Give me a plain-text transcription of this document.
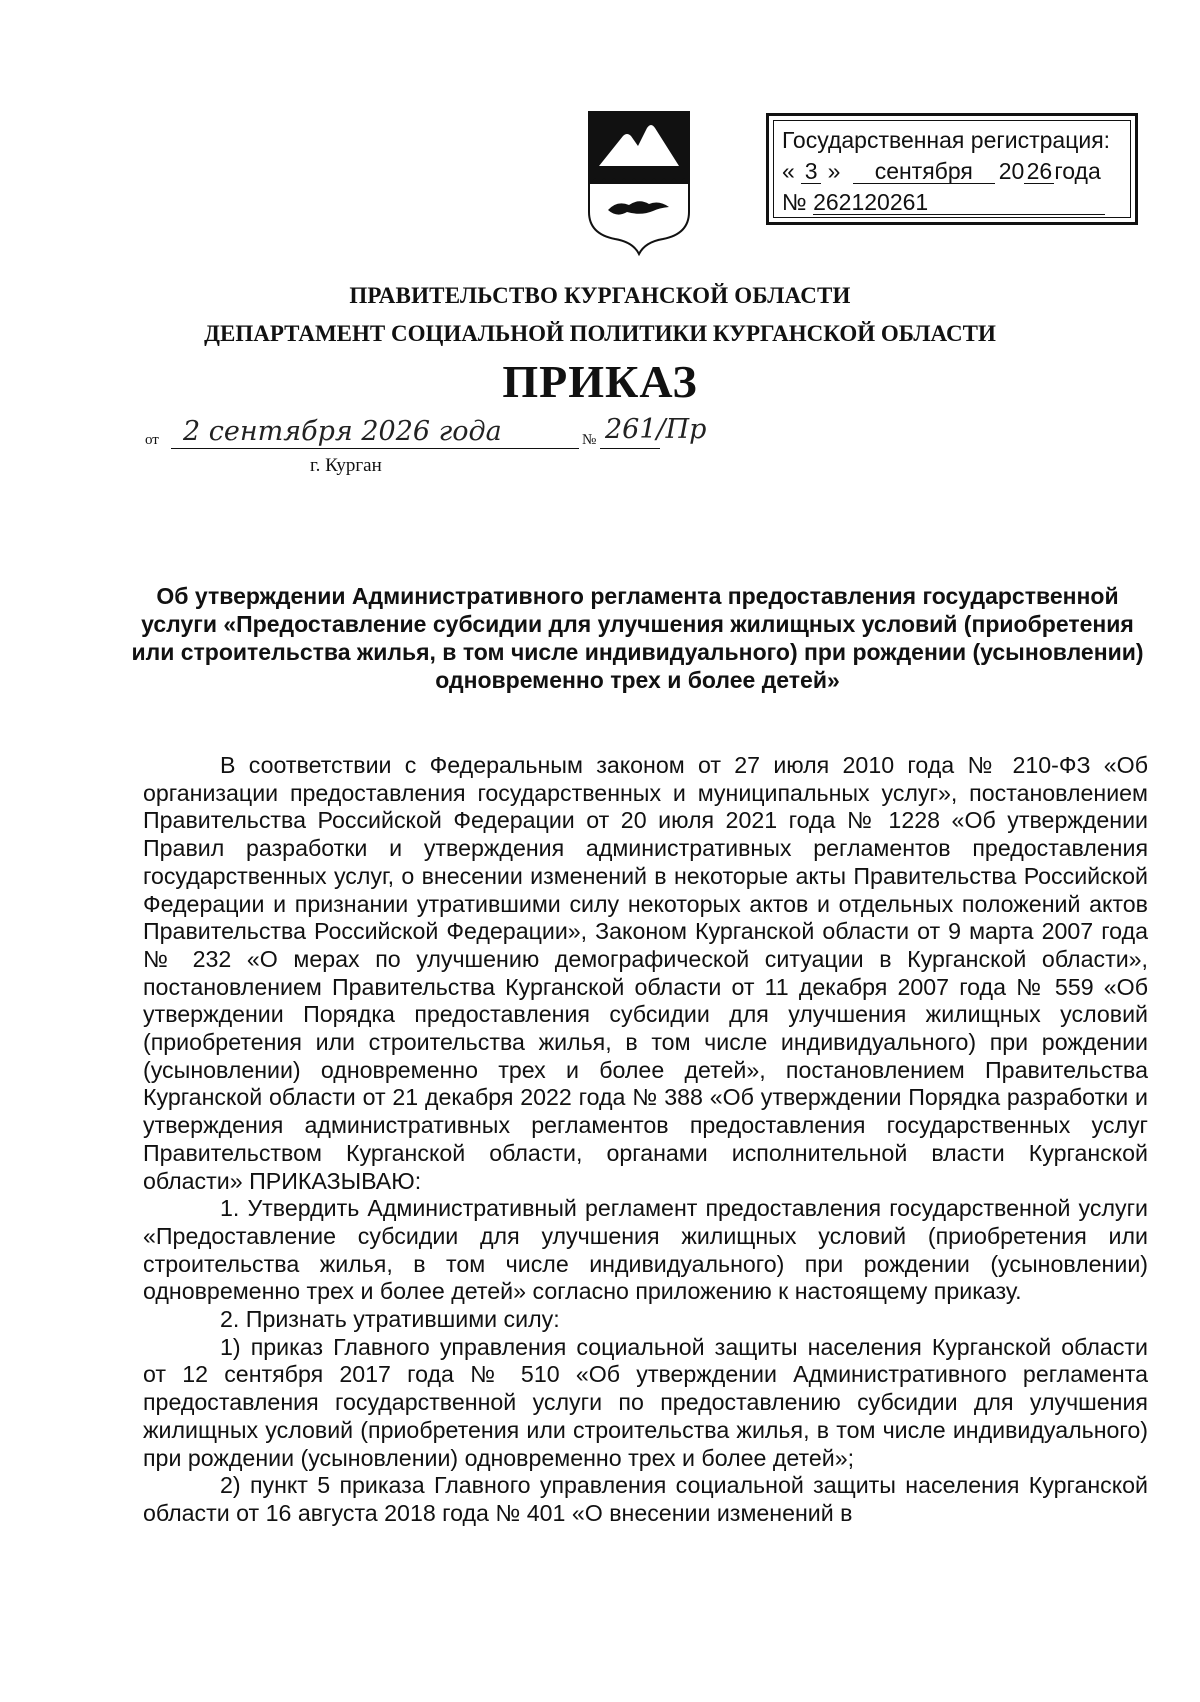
Государственная регистрация:
« 3 » сентября 2026года
№ 262120261
ПРАВИТЕЛЬСТВО КУРГАНСКОЙ ОБЛАСТИ
ДЕПАРТАМЕНТ СОЦИАЛЬНОЙ ПОЛИТИКИ КУРГАНСКОЙ ОБЛАСТИ
ПРИКАЗ
от 2 сентября 2026 года	№ 261/Пр
г. Курган
Об утверждении Административного регламента предоставления государственной услуги «Предоставление субсидии для улучшения жилищных условий (приобретения или строительства жилья, в том числе индивидуального) при рождении (усыновлении) одновременно трех и более детей»

В соответствии с Федеральным законом от 27 июля 2010 года № 210-ФЗ «Об организации предоставления государственных и муниципальных услуг», постановлением Правительства Российской Федерации от 20 июля 2021 года № 1228 «Об утверждении Правил разработки и утверждения административных регламентов предоставления государственных услуг, о внесении изменений в некоторые акты Правительства Российской Федерации и признании утратившими силу некоторых актов и отдельных положений актов Правительства Российской Федерации», Законом Курганской области от 9 марта 2007 года № 232 «О мерах по улучшению демографической ситуации в Курганской области», постановлением Правительства Курганской области от 11 декабря 2007 года № 559 «Об утверждении Порядка предоставления субсидии для улучшения жилищных условий (приобретения или строительства жилья, в том числе индивидуального) при рождении (усыновлении) одновременно трех и более детей», постановлением Правительства Курганской области от 21 декабря 2022 года № 388 «Об утверждении Порядка разработки и утверждения административных регламентов предоставления государственных услуг Правительством Курганской области, органами исполнительной власти Курганской области» ПРИКАЗЫВАЮ:

1. Утвердить Административный регламент предоставления государственной услуги «Предоставление субсидии для улучшения жилищных условий (приобретения или строительства жилья, в том числе индивидуального) при рождении (усыновлении) одновременно трех и более детей» согласно приложению к настоящему приказу.

2. Признать утратившими силу:

1) приказ Главного управления социальной защиты населения Курганской области от 12 сентября 2017 года № 510 «Об утверждении Административного регламента предоставления государственной услуги по предоставлению субсидии для улучшения жилищных условий (приобретения или строительства жилья, в том числе индивидуального) при рождении (усыновлении) одновременно трех и более детей»;

2) пункт 5 приказа Главного управления социальной защиты населения Курганской области от 16 августа 2018 года № 401 «О внесении изменений в
